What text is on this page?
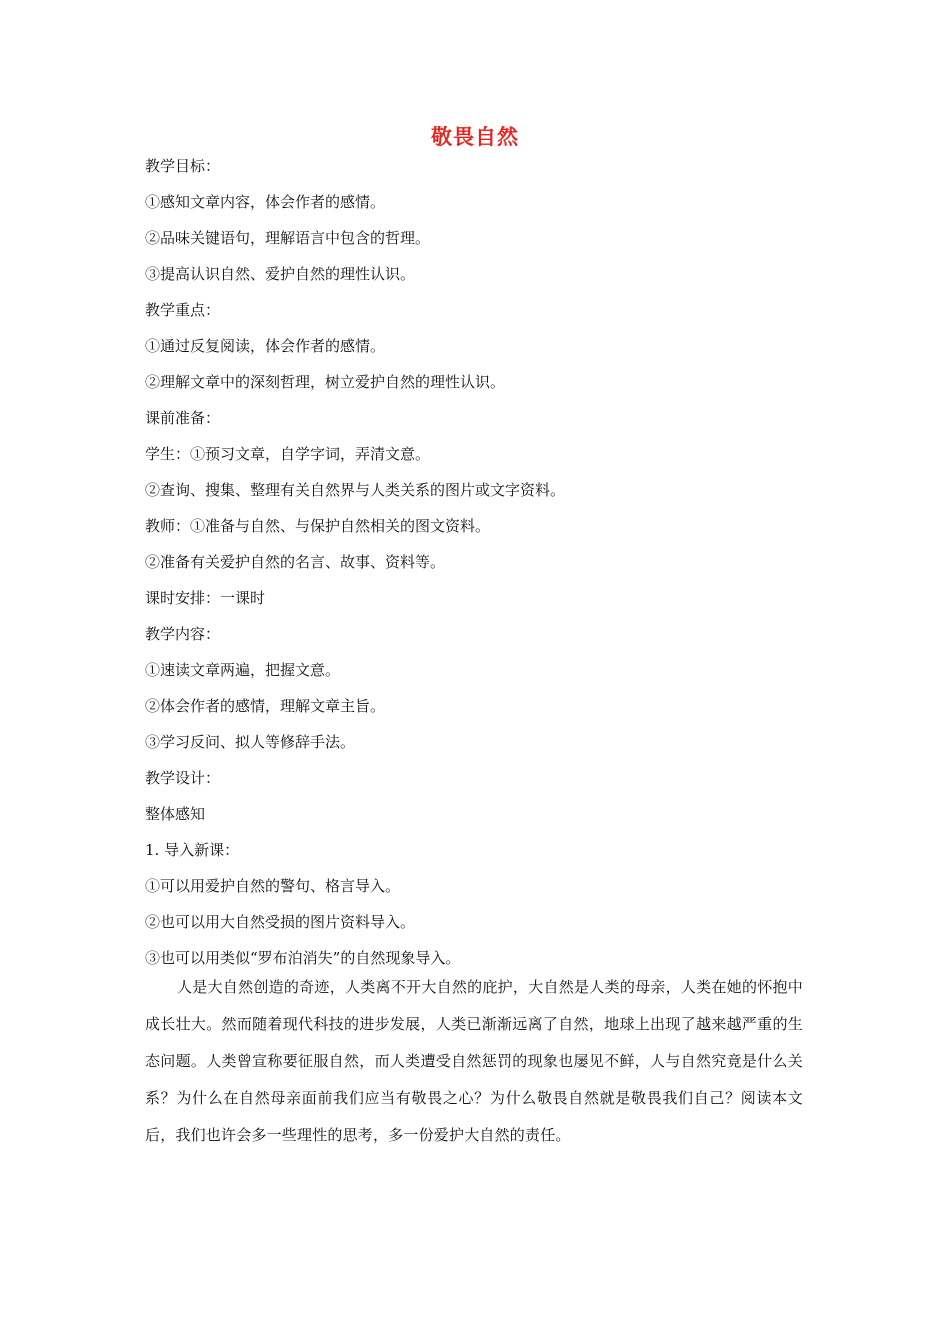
敬畏自然
教学目标：
①感知文章内容，体会作者的感情。
②品味关键语句，理解语言中包含的哲理。
③提高认识自然、爱护自然的理性认识。
教学重点：
①通过反复阅读，体会作者的感情。
②理解文章中的深刻哲理，树立爱护自然的理性认识。
课前准备：
学生：①预习文章，自学字词，弄清文意。
②查询、搜集、整理有关自然界与人类关系的图片或文字资料。
教师：①准备与自然、与保护自然相关的图文资料。
②准备有关爱护自然的名言、故事、资料等。
课时安排：一课时
教学内容：
①速读文章两遍，把握文意。
②体会作者的感情，理解文章主旨。
③学习反问、拟人等修辞手法。
教学设计：
整体感知
1. 导入新课：
①可以用爱护自然的警句、格言导入。
②也可以用大自然受损的图片资料导入。
③也可以用类似“罗布泊消失”的自然现象导入。
人是大自然创造的奇迹，人类离不开大自然的庇护，大自然是人类的母亲，人类在她的怀抱中成长壮大。然而随着现代科技的进步发展，人类已渐渐远离了自然，地球上出现了越来越严重的生态问题。人类曾宣称要征服自然，而人类遭受自然惩罚的现象也屡见不鲜，人与自然究竟是什么关系？为什么在自然母亲面前我们应当有敬畏之心？为什么敬畏自然就是敬畏我们自己？阅读本文后，我们也许会多一些理性的思考，多一份爱护大自然的责任。
